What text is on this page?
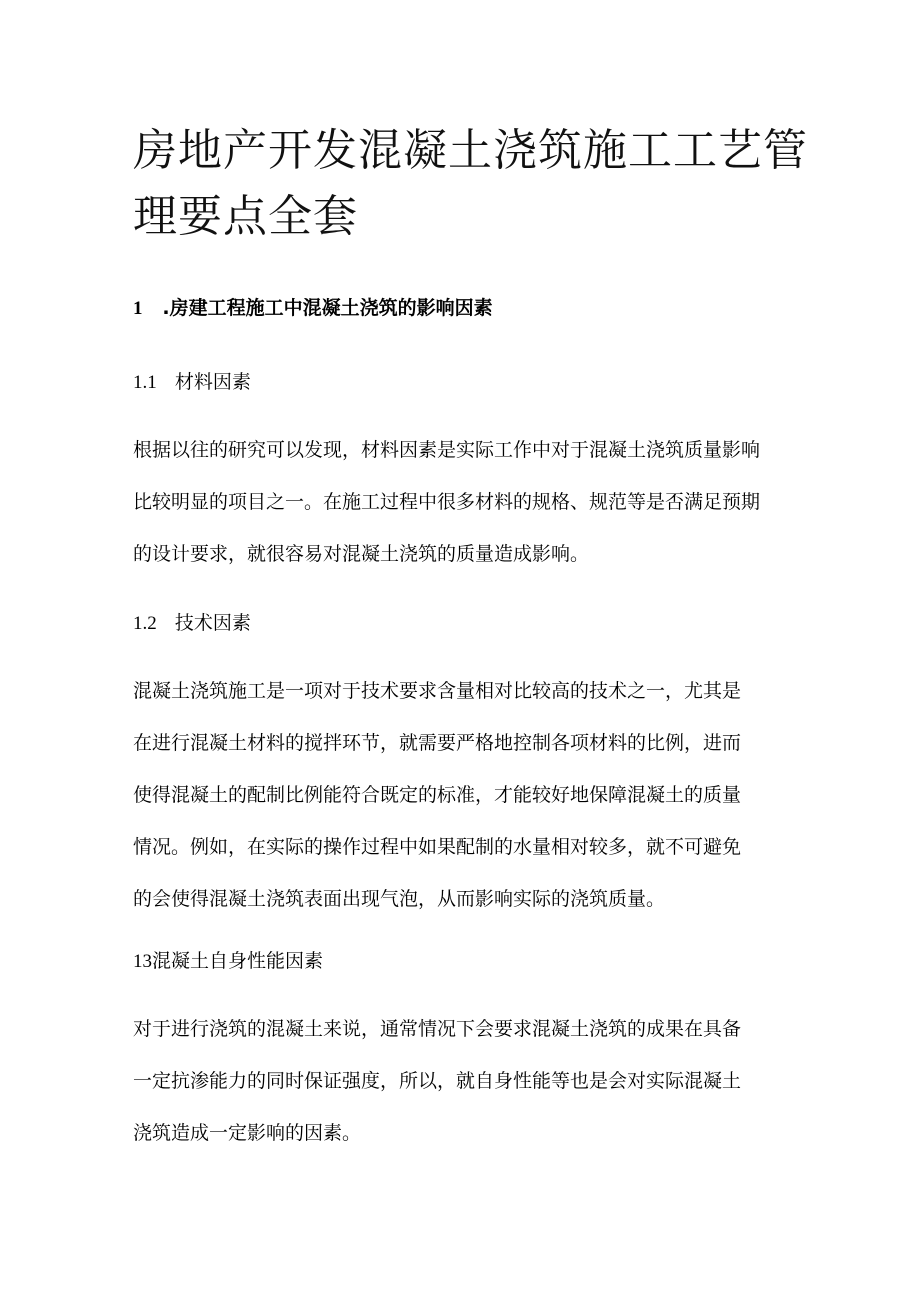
房地产开发混凝土浇筑施工工艺管理要点全套
1 .房建工程施工中混凝土浇筑的影响因素
1.1 材料因素
根据以往的研究可以发现，材料因素是实际工作中对于混凝土浇筑质量影响
比较明显的项目之一。在施工过程中很多材料的规格、规范等是否满足预期
的设计要求，就很容易对混凝土浇筑的质量造成影响。
1.2 技术因素
混凝土浇筑施工是一项对于技术要求含量相对比较高的技术之一，尤其是
在进行混凝土材料的搅拌环节，就需要严格地控制各项材料的比例，进而
使得混凝土的配制比例能符合既定的标准，才能较好地保障混凝土的质量
情况。例如，在实际的操作过程中如果配制的水量相对较多，就不可避免
的会使得混凝土浇筑表面出现气泡，从而影响实际的浇筑质量。
13混凝土自身性能因素
对于进行浇筑的混凝土来说，通常情况下会要求混凝土浇筑的成果在具备
一定抗渗能力的同时保证强度，所以，就自身性能等也是会对实际混凝土
浇筑造成一定影响的因素。
